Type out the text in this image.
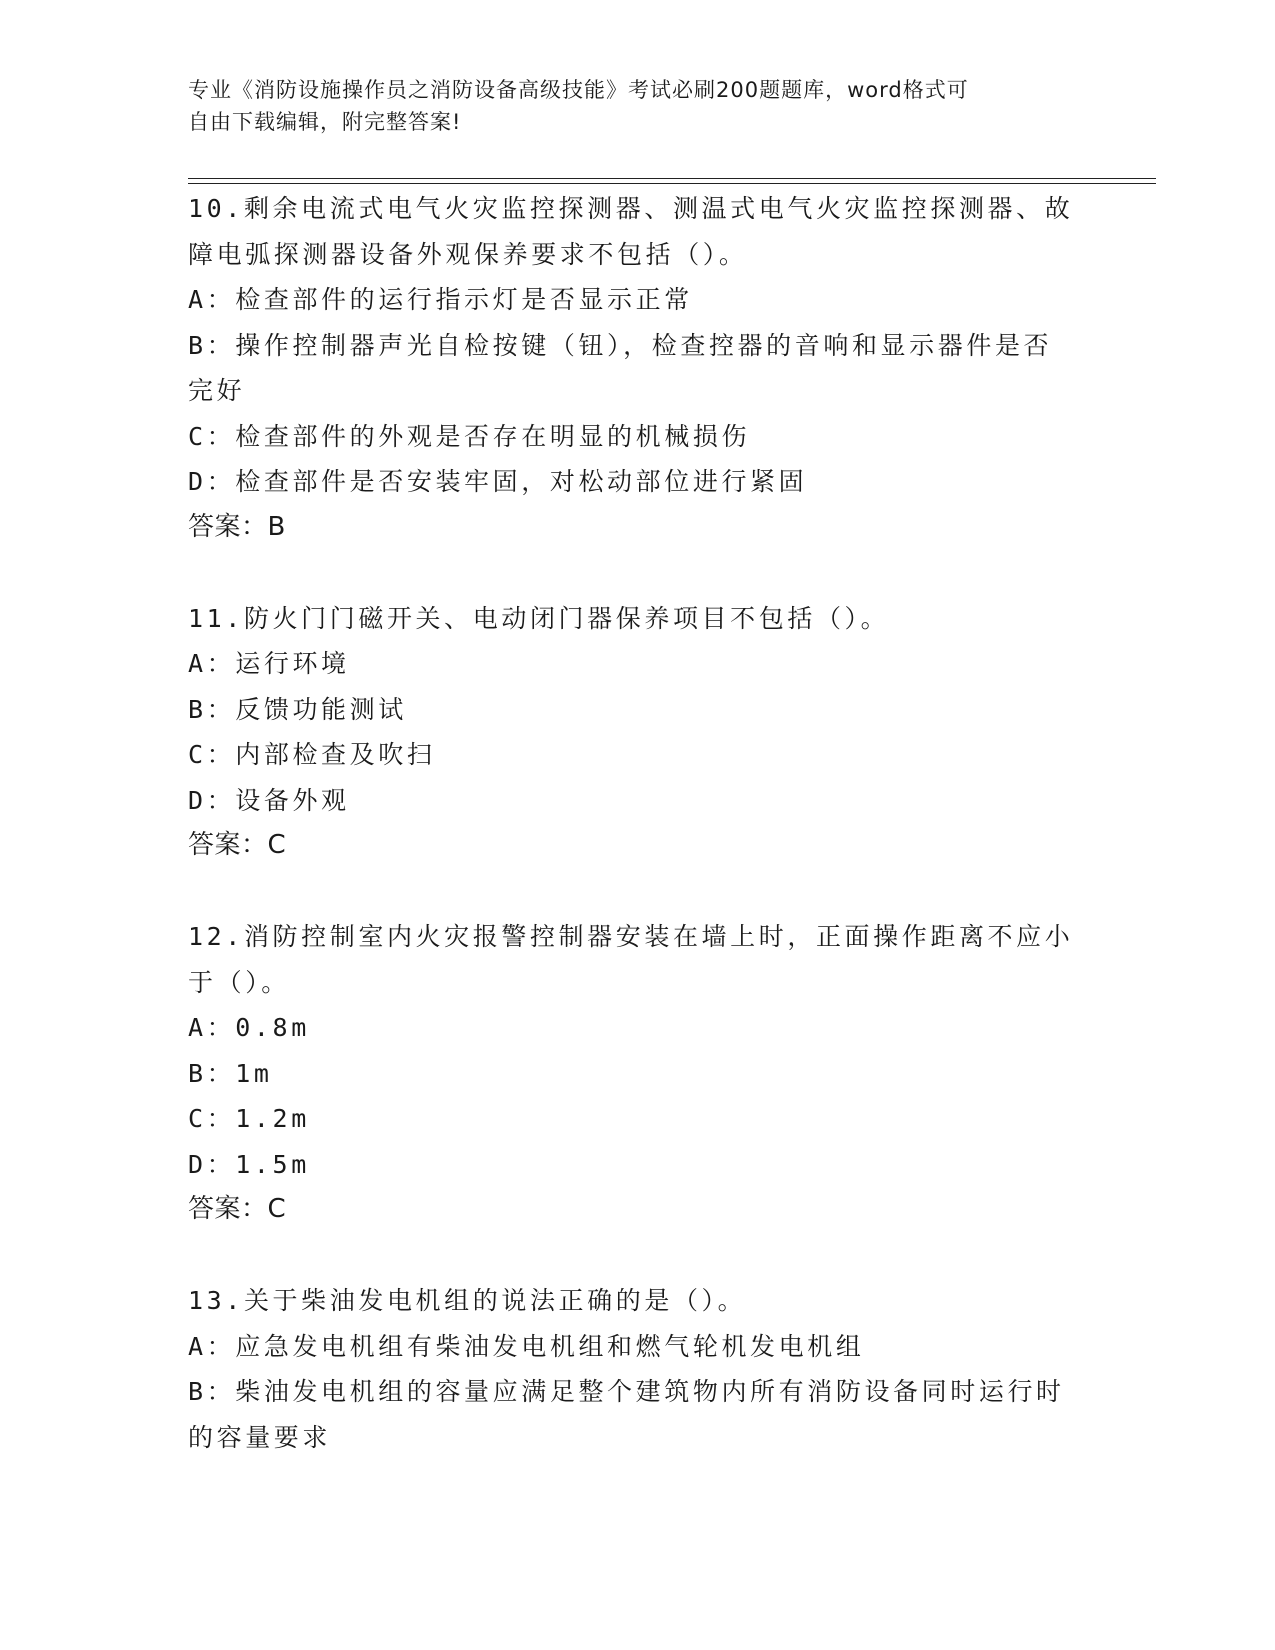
专业《消防设施操作员之消防设备高级技能》考试必刷200题题库，word格式可
自由下载编辑，附完整答案!
10.剩余电流式电气火灾监控探测器、测温式电气火灾监控探测器、故
障电弧探测器设备外观保养要求不包括（）。
A：检查部件的运行指示灯是否显示正常
B：操作控制器声光自检按键（钮），检查控器的音响和显示器件是否
完好
C：检查部件的外观是否存在明显的机械损伤
D：检查部件是否安装牢固，对松动部位进行紧固
答案：B
11.防火门门磁开关、电动闭门器保养项目不包括（）。
A：运行环境
B：反馈功能测试
C：内部检查及吹扫
D：设备外观
答案：C
12.消防控制室内火灾报警控制器安装在墙上时，正面操作距离不应小
于（）。
A：0.8m
B：1m
C：1.2m
D：1.5m
答案：C
13.关于柴油发电机组的说法正确的是（）。
A：应急发电机组有柴油发电机组和燃气轮机发电机组
B：柴油发电机组的容量应满足整个建筑物内所有消防设备同时运行时
的容量要求
